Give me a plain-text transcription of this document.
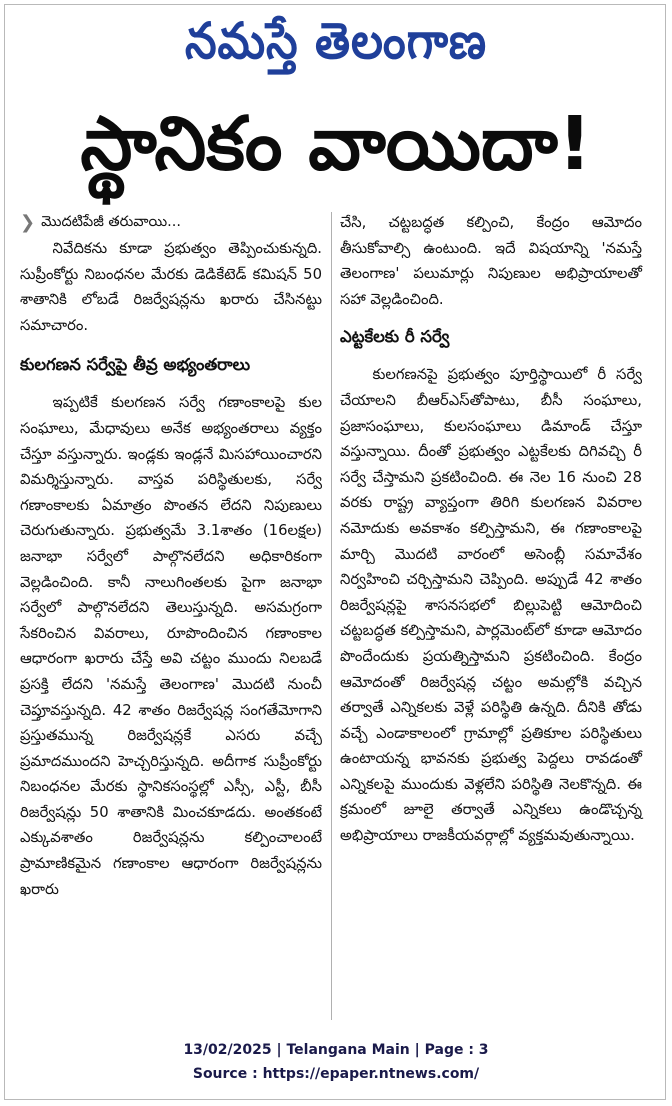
నమస్తే తెలంగాణ
స్థానికం వాయిదా!
❯ మొదటిపేజీ తరువాయి...

నివేదికను కూడా ప్రభుత్వం తెప్పించుకున్నది. సుప్రీంకోర్టు నిబంధనల మేరకు డెడికేటెడ్ కమిషన్ 50 శాతానికి లోబడే రిజర్వేషన్లను ఖరారు చేసినట్టు సమాచారం.

కులగణన సర్వేపై తీవ్ర అభ్యంతరాలు

ఇప్పటికే కులగణన సర్వే గణాంకాలపై కుల సంఘాలు, మేధావులు అనేక అభ్యంతరాలు వ్యక్తం చేస్తూ వస్తున్నారు. ఇండ్లకు ఇండ్లనే మిసహాయించారని విమర్శిస్తున్నారు. వాస్తవ పరిస్థితులకు, సర్వే గణాంకాలకు ఏమాత్రం పొంతన లేదని నిపుణులు చెరుగుతున్నారు. ప్రభుత్వమే 3.1శాతం (16లక్షల) జనాభా సర్వేలో పాల్గొనలేదని అధికారికంగా వెల్లడించింది. కానీ నాలుగింతలకు పైగా జనాభా సర్వేలో పాల్గొనలేదని తెలుస్తున్నది. అసమగ్రంగా సేకరించిన వివరాలు, రూపొందించిన గణాంకాల ఆధారంగా ఖరారు చేస్తే అవి చట్టం ముందు నిలబడే ప్రసక్తి లేదని 'నమస్తే తెలంగాణ' మొదటి నుంచీ చెప్తూవస్తున్నది. 42 శాతం రిజర్వేషన్ల సంగతేమోగాని ప్రస్తుతమున్న రిజర్వేషన్లకే ఎసరు వచ్చే ప్రమాదముందని హెచ్చరిస్తున్నది. అదీగాక సుప్రీంకోర్టు నిబంధనల మేరకు స్థానికసంస్థల్లో ఎస్సీ, ఎస్టీ, బీసీ రిజర్వేషన్లు 50 శాతానికి మించకూడదు. అంతకంటే ఎక్కువశాతం రిజర్వేషన్లను కల్పించాలంటే ప్రామాణికమైన గణాంకాల ఆధారంగా రిజర్వేషన్లను ఖరారు

చేసి, చట్టబద్ధత కల్పించి, కేంద్రం ఆమోదం తీసుకోవాల్సి ఉంటుంది. ఇదే విషయాన్ని 'నమస్తే తెలంగాణ' పలుమార్లు నిపుణుల అభిప్రాయాలతో సహా వెల్లడించింది.

ఎట్టకేలకు రీ సర్వే

కులగణనపై ప్రభుత్వం పూర్తిస్థాయిలో రీ సర్వే చేయాలని బీఆర్ఎస్‌తోపాటు, బీసీ సంఘాలు, ప్రజాసంఘాలు, కులసంఘాలు డిమాండ్ చేస్తూ వస్తున్నాయి. దీంతో ప్రభుత్వం ఎట్టకేలకు దిగివచ్చి రీ సర్వే చేస్తామని ప్రకటించింది. ఈ నెల 16 నుంచి 28 వరకు రాష్ట్ర వ్యాప్తంగా తిరిగి కులగణన వివరాల నమోదుకు అవకాశం కల్పిస్తామని, ఈ గణాంకాలపై మార్చి మొదటి వారంలో అసెంబ్లీ సమావేశం నిర్వహించి చర్చిస్తామని చెప్పింది. అప్పుడే 42 శాతం రిజర్వేషన్లపై శాసనసభలో బిల్లుపెట్టి ఆమోదించి చట్టబద్ధత కల్పిస్తామని, పార్లమెంట్‌లో కూడా ఆమోదం పొందేందుకు ప్రయత్నిస్తామని ప్రకటించింది. కేంద్రం ఆమోదంతో రిజర్వేషన్ల చట్టం అమల్లోకి వచ్చిన తర్వాతే ఎన్నికలకు వెళ్లే పరిస్థితి ఉన్నది. దీనికి తోడు వచ్చే ఎండాకాలంలో గ్రామాల్లో ప్రతికూల పరిస్థితులు ఉంటాయన్న భావనకు ప్రభుత్వ పెద్దలు రావడంతో ఎన్నికలపై ముందుకు వెళ్లలేని పరిస్థితి నెలకొన్నది. ఈ క్రమంలో జూలై తర్వాతే ఎన్నికలు ఉండొచ్చన్న అభిప్రాయాలు రాజకీయవర్గాల్లో వ్యక్తమవుతున్నాయి.

13/02/2025 | Telangana Main | Page : 3
Source : https://epaper.ntnews.com/
